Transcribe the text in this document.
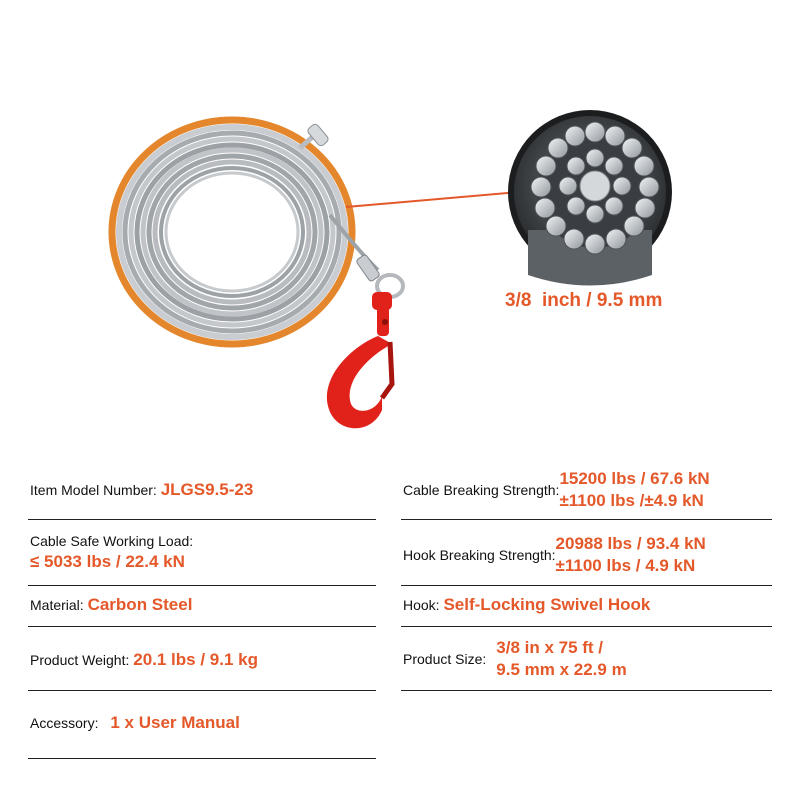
3/8  inch / 9.5 mm
Item Model Number: JLGS9.5-23
Cable Safe Working Load:
≤ 5033 lbs / 22.4 kN
Material: Carbon Steel
Product Weight: 20.1 lbs / 9.1 kg
Accessory: 1 x User Manual
Cable Breaking Strength:
15200 lbs / 67.6 kN
±1100 lbs /±4.9 kN
Hook Breaking Strength:
20988 lbs / 93.4 kN
±1100 lbs / 4.9 kN
Hook: Self-Locking Swivel Hook
Product Size:
3/8 in x 75 ft /
9.5 mm x 22.9 m
